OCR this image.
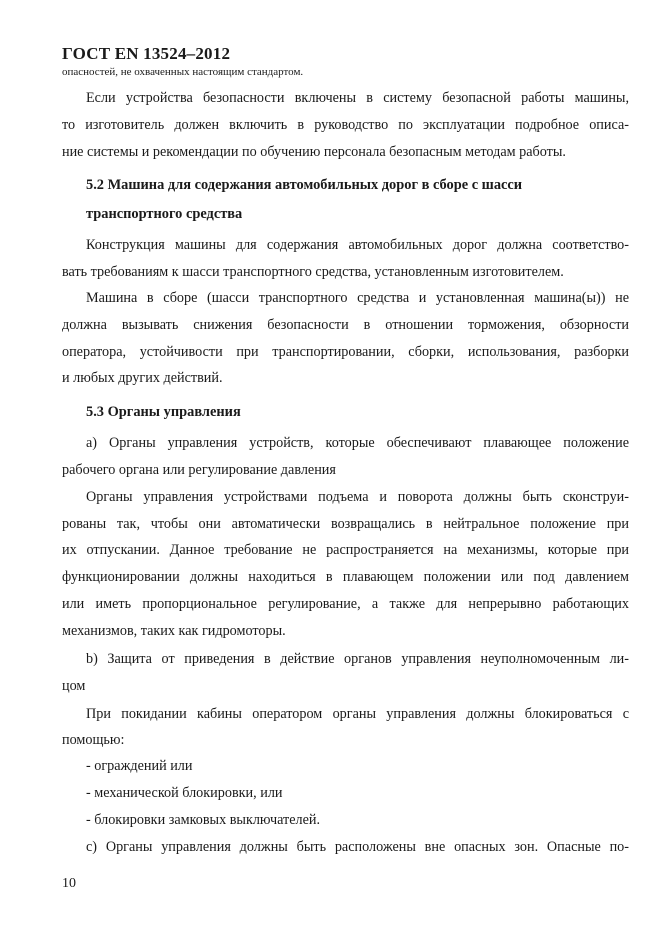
ГОСТ EN 13524–2012
опасностей, не охваченных настоящим стандартом.
Если устройства безопасности включены в систему безопасной работы машины,
то изготовитель должен включить в руководство по эксплуатации подробное описа-
ние системы и рекомендации по обучению персонала безопасным методам работы.
5.2 Машина для содержания автомобильных дорог в сборе с шасси
транспортного средства
Конструкция машины для содержания автомобильных дорог должна соответство-
вать требованиям к шасси транспортного средства, установленным изготовителем.
Машина в сборе (шасси транспортного средства и установленная машина(ы)) не
должна вызывать снижения безопасности в отношении торможения, обзорности
оператора, устойчивости при транспортировании, сборки, использования, разборки
и любых других действий.
5.3 Органы управления
a) Органы управления устройств, которые обеспечивают плавающее положение
рабочего органа или регулирование давления
Органы управления устройствами подъема и поворота должны быть сконструи-
рованы так, чтобы они автоматически возвращались в нейтральное положение при
их отпускании. Данное требование не распространяется на механизмы, которые при
функционировании должны находиться в плавающем положении или под давлением
или иметь пропорциональное регулирование, а также для непрерывно работающих
механизмов, таких как гидромоторы.
b) Защита от приведения в действие органов управления неуполномоченным ли-
цом
При покидании кабины оператором органы управления должны блокироваться с
помощью:
- ограждений или
- механической блокировки, или
- блокировки замковых выключателей.
c) Органы управления должны быть расположены вне опасных зон. Опасные по-
10
